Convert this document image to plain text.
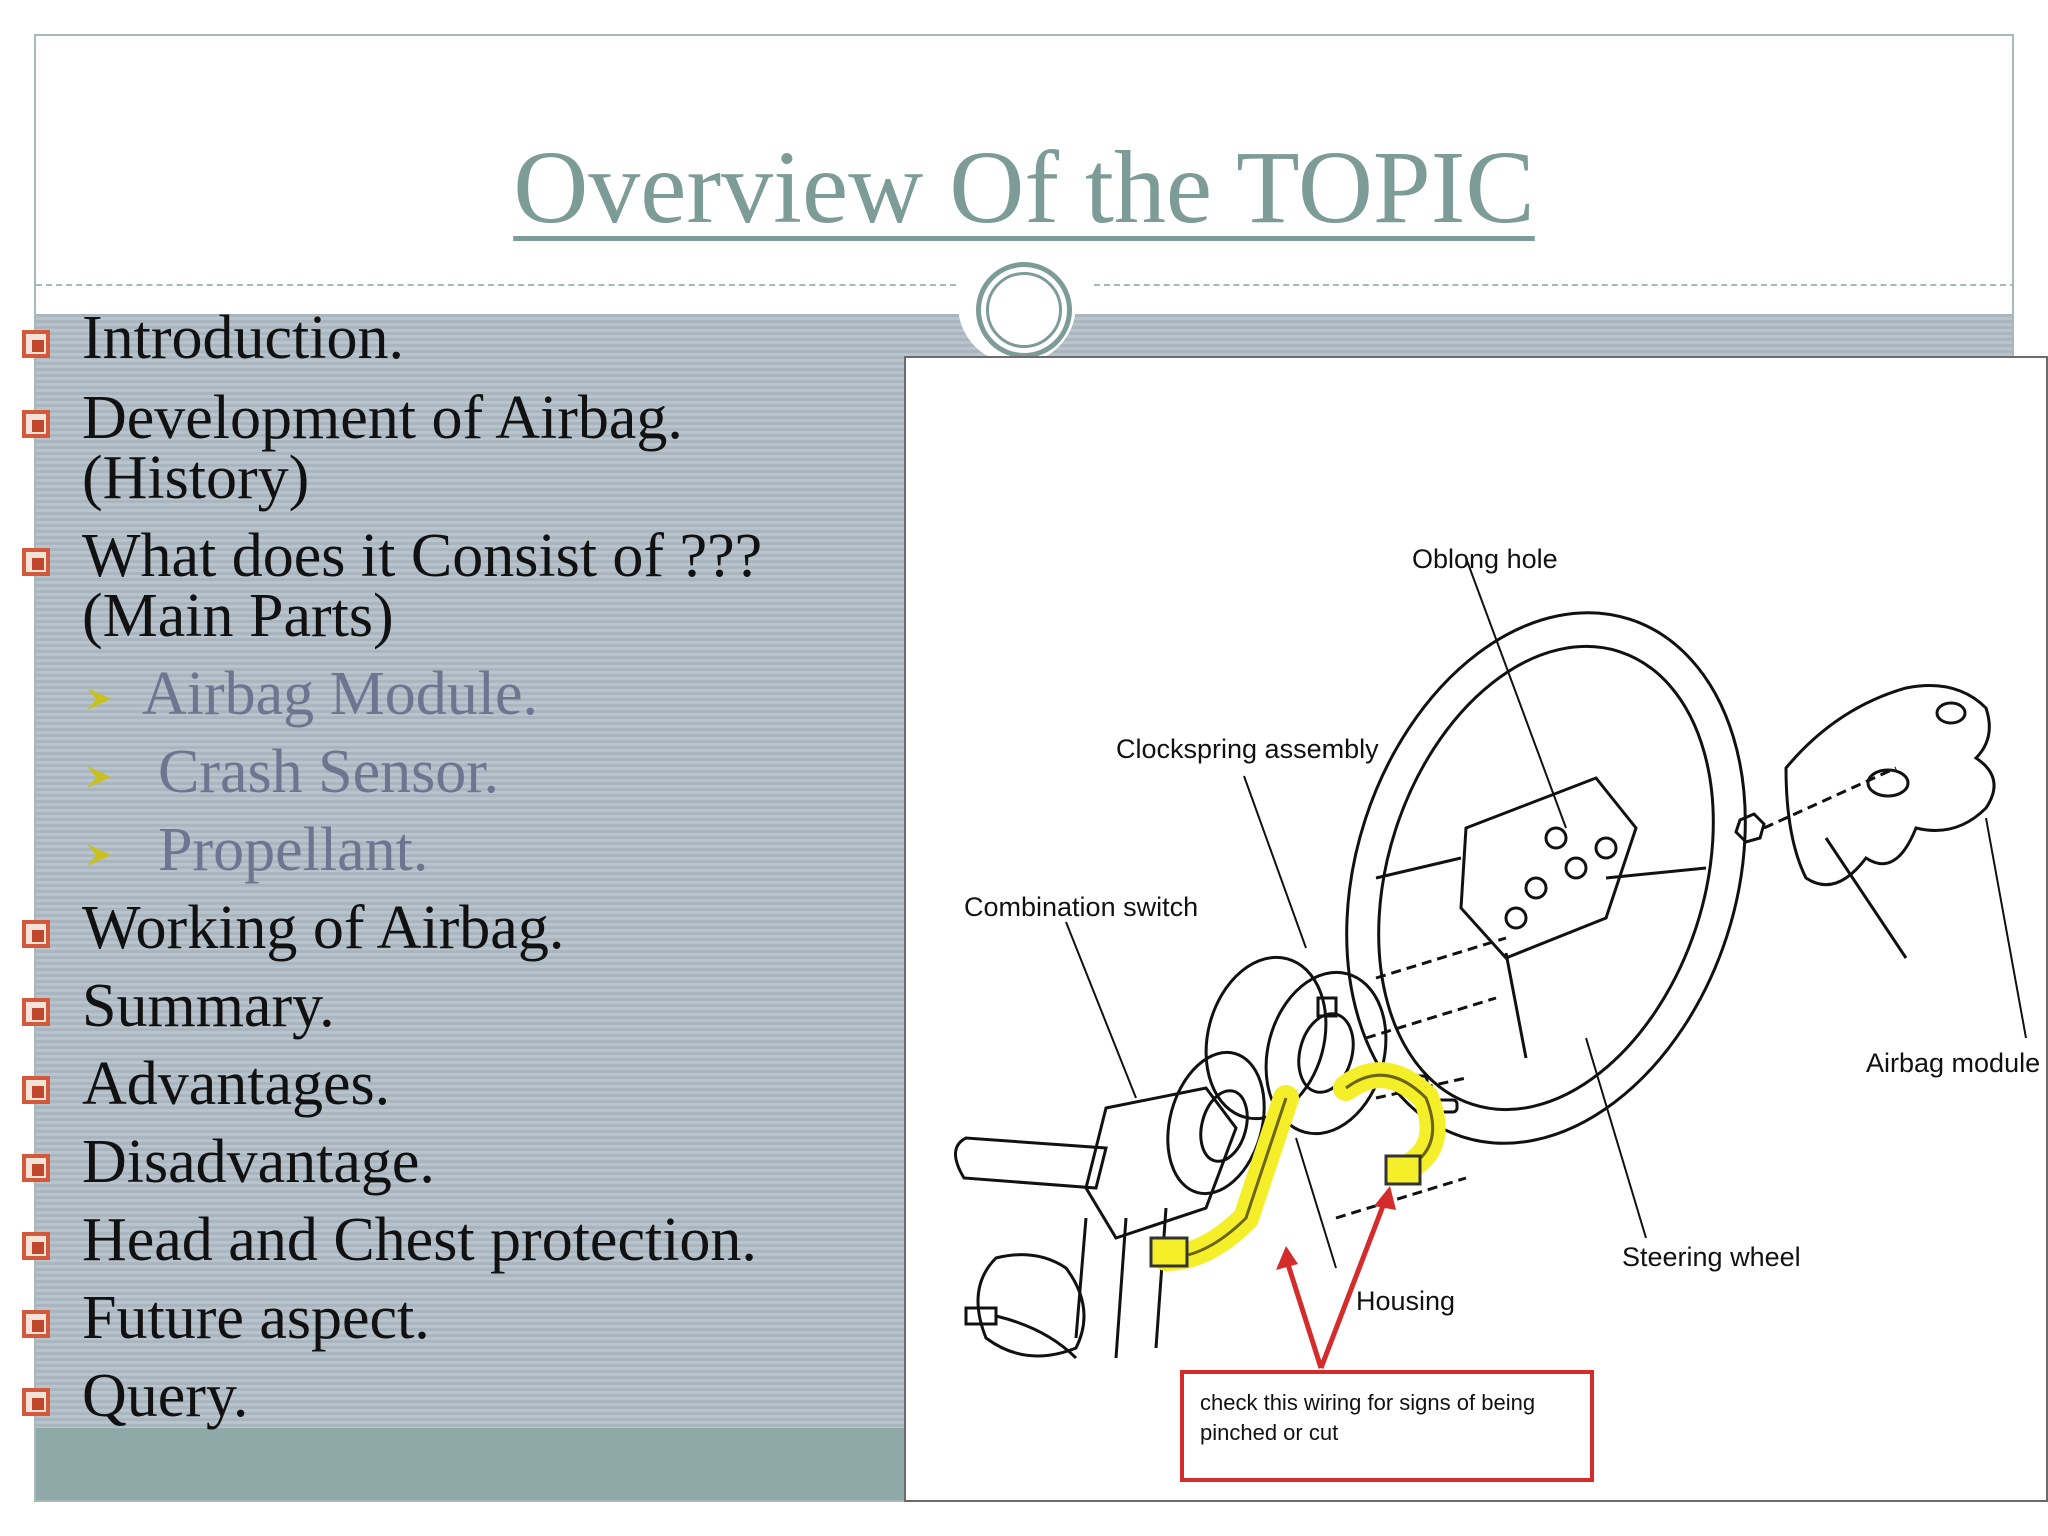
Overview Of the TOPIC

Introduction.

Development of Airbag.

(History)

What does it Consist of ???

(Main Parts)

Airbag Module.

Crash Sensor.

Propellant.

Working of Airbag.

Summary.

Advantages.

Disadvantage.

Head and Chest protection.

Future aspect.

Query.	check this wiring for signs of being
pinched or cut
Oblong hole
Clockspring assembly
Combination switch
Airbag module
Steering wheel
Housing
